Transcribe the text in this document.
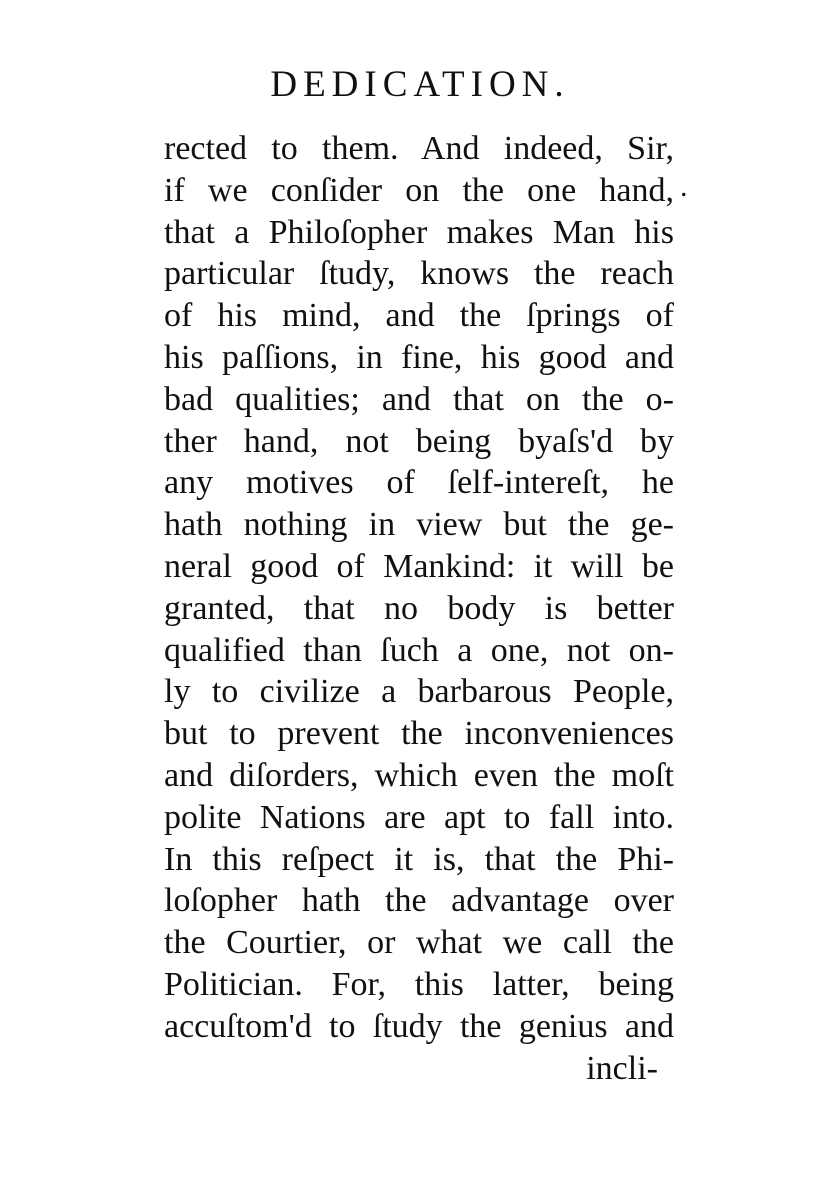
DEDICATION.
.
rected to them. And indeed, Sir,
if we conſider on the one hand,
that a Philoſopher makes Man his
particular ſtudy, knows the reach
of his mind, and the ſprings of
his paſſions, in fine, his good and
bad qualities; and that on the o-
ther hand, not being byaſs'd by
any motives of ſelf-intereſt, he
hath nothing in view but the ge-
neral good of Mankind: it will be
granted, that no body is better
qualified than ſuch a one, not on-
ly to civilize a barbarous People,
but to prevent the inconveniences
and diſorders, which even the moſt
polite Nations are apt to fall into.
In this reſpect it is, that the Phi-
loſopher hath the advantage over
the Courtier, or what we call the
Politician. For, this latter, being
accuſtom'd to ſtudy the genius and
incli-
